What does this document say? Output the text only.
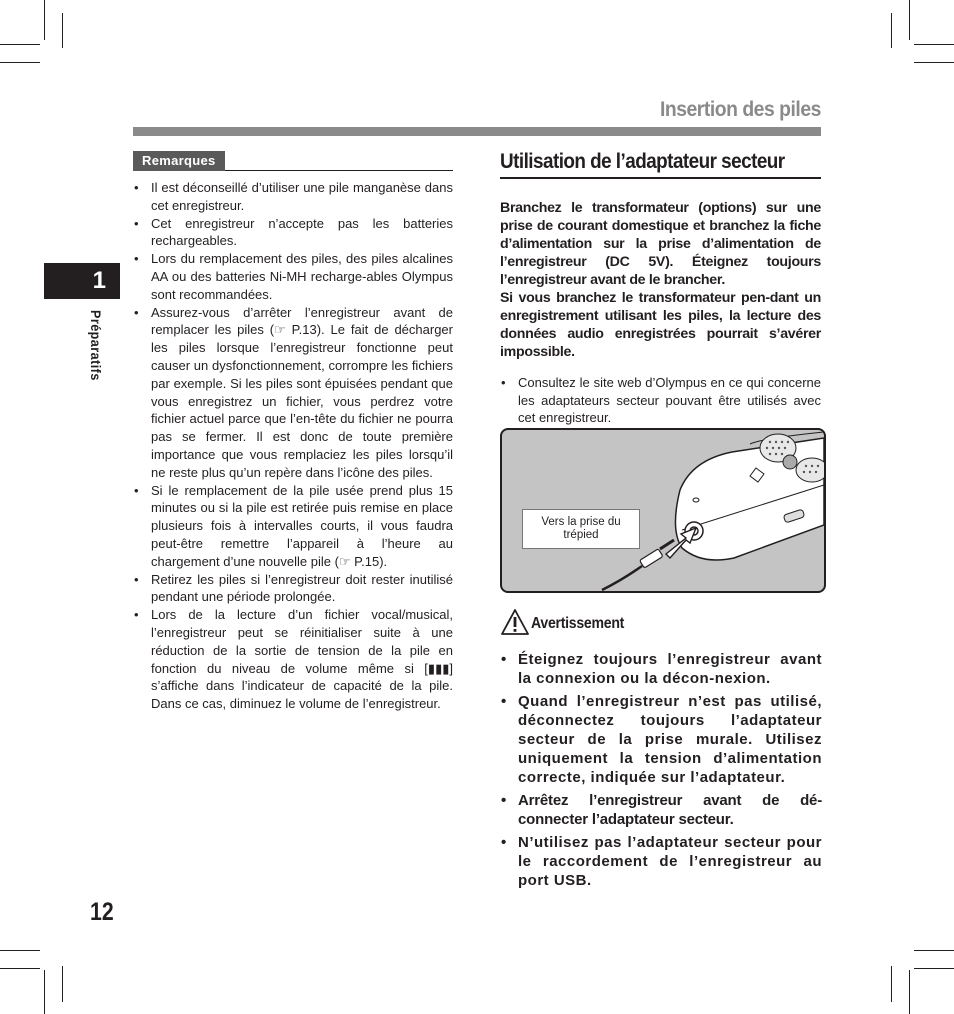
Insertion des piles
1
Préparatifs
12
Remarques
• Il est déconseillé d’utiliser une pile manganèse dans cet enregistreur.
• Cet enregistreur n’accepte pas les batteries rechargeables.
• Lors du remplacement des piles, des piles alcalines AA ou des batteries Ni-MH recharge-ables Olympus sont recommandées.
• Assurez-vous d’arrêter l’enregistreur avant de remplacer les piles (☞ P.13). Le fait de décharger les piles lorsque l’enregistreur fonctionne peut causer un dysfonctionnement, corrompre les fichiers par exemple. Si les piles sont épuisées pendant que vous enregistrez un fichier, vous perdrez votre fichier actuel parce que l’en-tête du fichier ne pourra pas se fermer. Il est donc de toute première importance que vous remplaciez les piles lorsqu’il ne reste plus qu’un repère dans l’icône des piles.
• Si le remplacement de la pile usée prend plus 15 minutes ou si la pile est retirée puis remise en place plusieurs fois à intervalles courts, il vous faudra peut-être remettre l’appareil à l’heure au chargement d’une nouvelle pile (☞ P.15).
• Retirez les piles si l’enregistreur doit rester inutilisé pendant une période prolongée.
• Lors de la lecture d’un fichier vocal/musical, l’enregistreur peut se réinitialiser suite à une réduction de la sortie de tension de la pile en fonction du niveau de volume même si [▮▮▮] s’affiche dans l’indicateur de capacité de la pile. Dans ce cas, diminuez le volume de l’enregistreur.
Utilisation de l’adaptateur secteur

Branchez le transformateur (options) sur une prise de courant domestique et branchez la fiche d’alimentation sur la prise d’alimentation de l’enregistreur (DC 5V). Éteignez toujours l’enregistreur avant de le brancher.

Si vous branchez le transformateur pen-dant un enregistrement utilisant les piles, la lecture des données audio enregistrées pourrait s’avérer impossible.

• Consultez le site web d’Olympus en ce qui concerne les adaptateurs secteur pouvant être utilisés avec cet enregistreur.
Vers la prise du
trépied
Avertissement
• Éteignez toujours l’enregistreur avant la connexion ou la décon-nexion.
• Quand l’enregistreur n’est pas utilisé, déconnectez toujours l’adaptateur secteur de la prise murale. Utilisez uniquement la tension d’alimentation correcte, indiquée sur l’adaptateur.
• Arrêtez l’enregistreur avant de dé-connecter l’adaptateur secteur.
• N’utilisez pas l’adaptateur secteur pour le raccordement de l’enregistreur au port USB.
